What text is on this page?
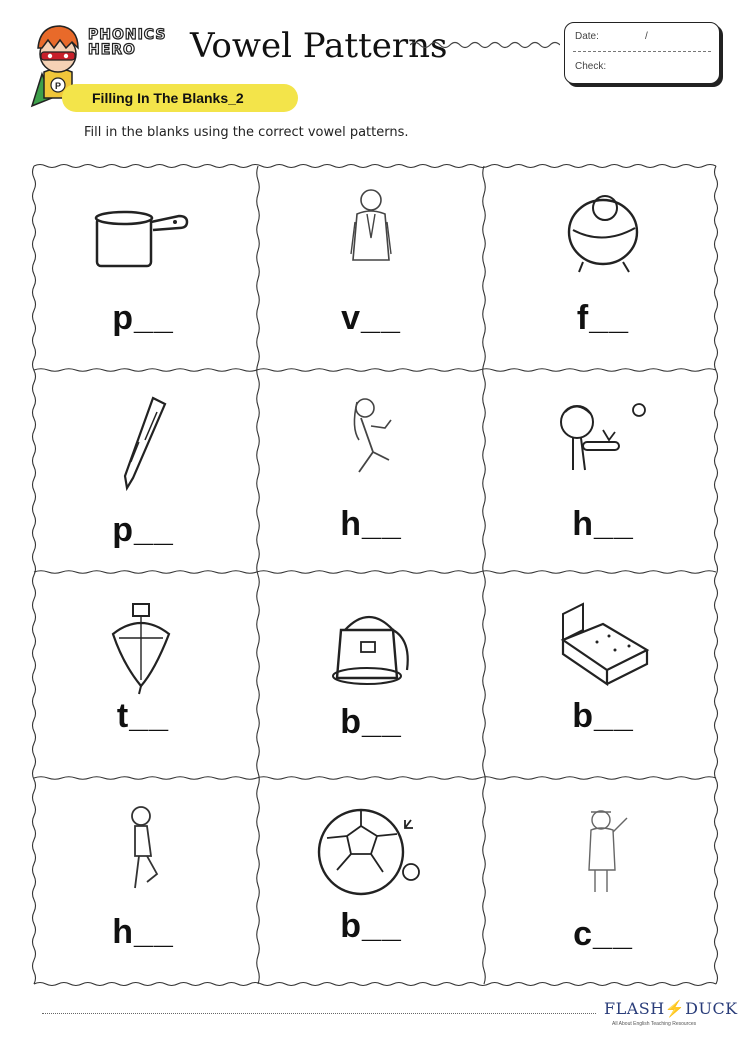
P
PHONICS
HERO	Vowel Patterns	Date:	/
Check:
Filling In The Blanks_2
Fill in the blanks using the correct vowel patterns.
p__	v__	f__
p__	h__	h__
t__	b__	b__
h__	b__	c__
FLASH⚡DUCK
All About English Teaching Resources
